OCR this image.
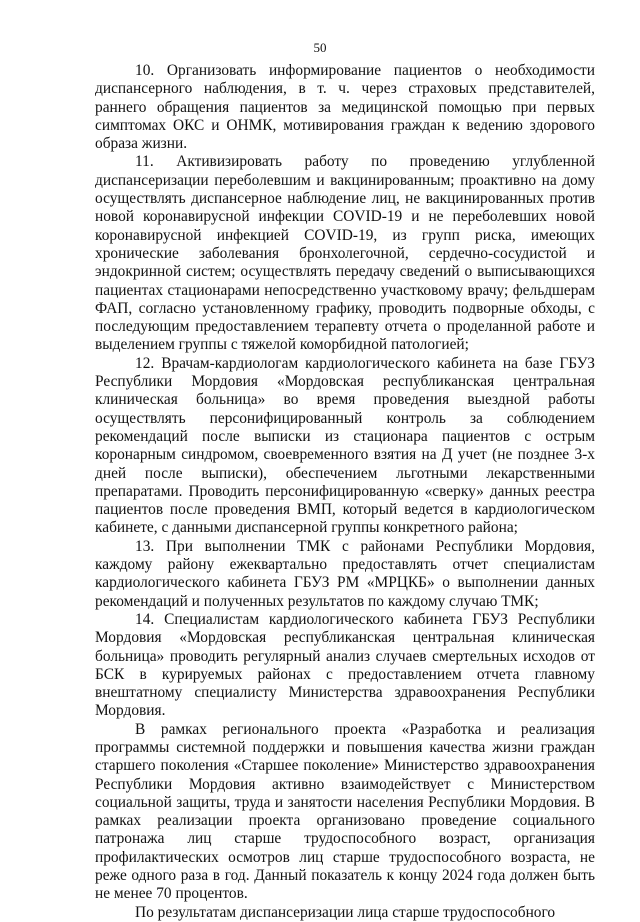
50

10. Организовать информирование пациентов о необходимости диспансерного наблюдения, в т. ч. через страховых представителей, раннего обращения пациентов за медицинской помощью при первых симптомах ОКС и ОНМК, мотивирования граждан к ведению здорового образа жизни.

11. Активизировать работу по проведению углубленной диспансеризации переболевшим и вакцинированным; проактивно на дому осуществлять диспансерное наблюдение лиц, не вакцинированных против новой коронавирусной инфекции COVID-19 и не переболевших новой коронавирусной инфекцией COVID-19, из групп риска, имеющих хронические заболевания бронхолегочной, сердечно-сосудистой и эндокринной систем; осуществлять передачу сведений о выписывающихся пациентах стационарами непосредственно участковому врачу; фельдшерам ФАП, согласно установленному графику, проводить подворные обходы, с последующим предоставлением терапевту отчета о проделанной работе и выделением группы с тяжелой коморбидной патологией;

12. Врачам-кардиологам кардиологического кабинета на базе ГБУЗ Республики Мордовия «Мордовская республиканская центральная клиническая больница» во время проведения выездной работы осуществлять персонифицированный контроль за соблюдением рекомендаций после выписки из стационара пациентов с острым коронарным синдромом, своевременного взятия на Д учет (не позднее 3-х дней после выписки), обеспечением льготными лекарственными препаратами. Проводить персонифицированную «сверку» данных реестра пациентов после проведения ВМП, который ведется в кардиологическом кабинете, с данными диспансерной группы конкретного района;

13. При выполнении ТМК с районами Республики Мордовия, каждому району ежеквартально предоставлять отчет специалистам кардиологического кабинета ГБУЗ РМ «МРЦКБ» о выполнении данных рекомендаций и полученных результатов по каждому случаю ТМК;

14. Специалистам кардиологического кабинета ГБУЗ Республики Мордовия «Мордовская республиканская центральная клиническая больница» проводить регулярный анализ случаев смертельных исходов от БСК в курируемых районах с предоставлением отчета главному внештатному специалисту Министерства здравоохранения Республики Мордовия.

В рамках регионального проекта «Разработка и реализация программы системной поддержки и повышения качества жизни граждан старшего поколения «Старшее поколение» Министерство здравоохранения Республики Мордовия активно взаимодействует с Министерством социальной защиты, труда и занятости населения Республики Мордовия. В рамках реализации проекта организовано проведение социального патронажа лиц старше трудоспособного возраст, организация профилактических осмотров лиц старше трудоспособного возраста, не реже одного раза в год. Данный показатель к концу 2024 года должен быть не менее 70 процентов.

По результатам диспансеризации лица старше трудоспособного
